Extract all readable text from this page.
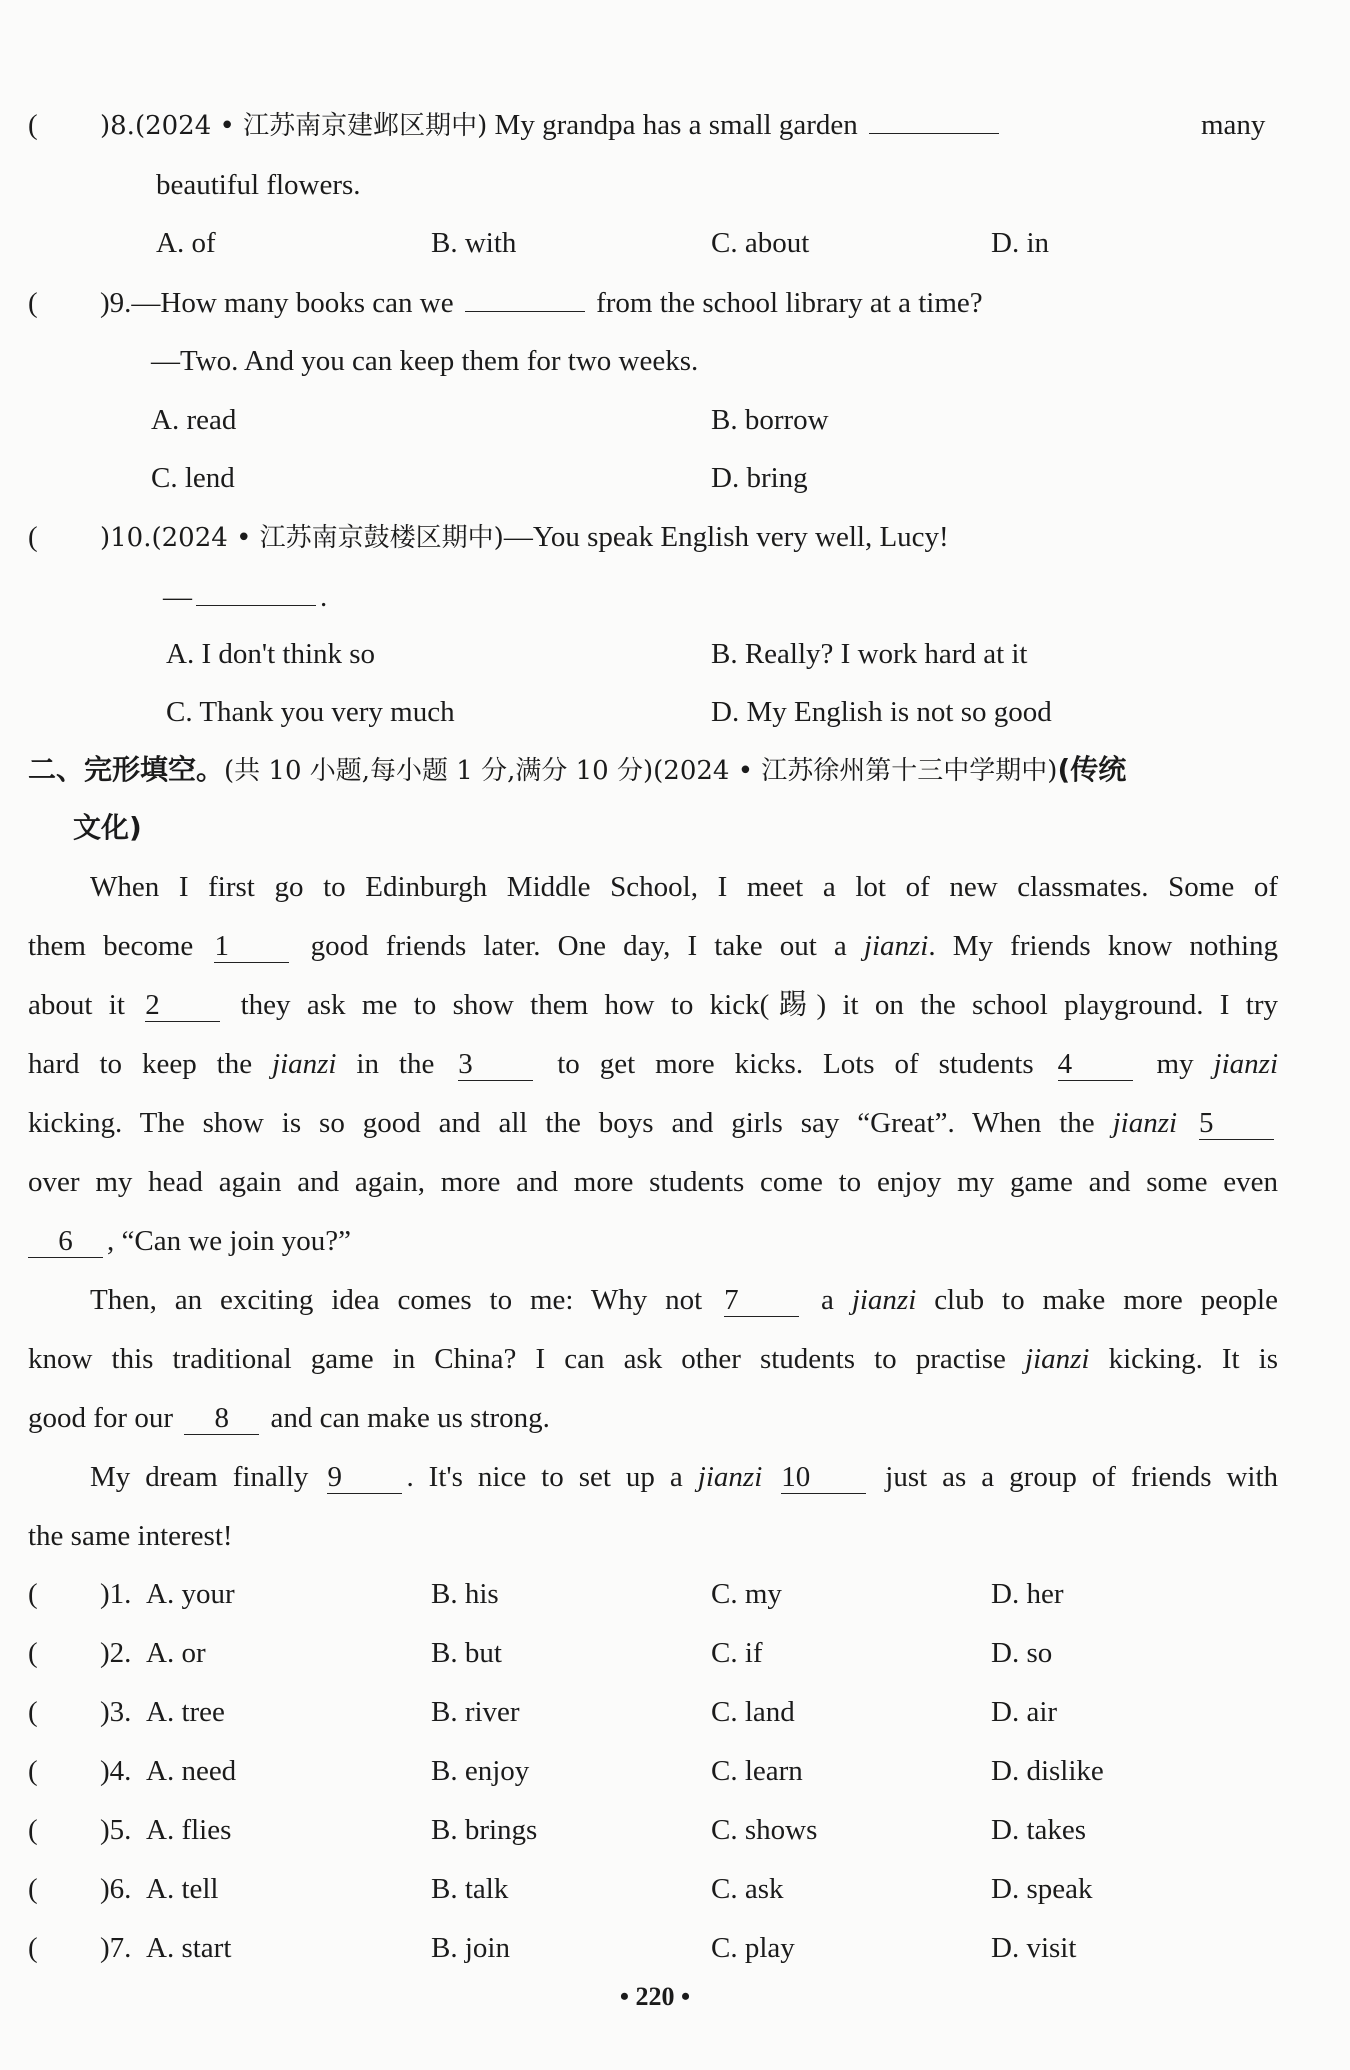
( )8.(2024 • 江苏南京建邺区期中) My grandpa has a small garden	many
beautiful flowers.
A. of	B. with	C. about	D. in
( )9.—How many books can we	from the school library at a time?
—Two. And you can keep them for two weeks.
A. read	B. borrow
C. lend	D. bring
( )10.(2024 • 江苏南京鼓楼区期中)—You speak English very well, Lucy!
—	.
A. I don't think so	B. Really? I work hard at it
C. Thank you very much	D. My English is not so good
二、完形填空。(共 10 小题,每小题 1 分,满分 10 分)(2024 • 江苏徐州第十三中学期中)(传统
文化)
When I first go to Edinburgh Middle School, I meet a lot of new classmates. Some of
them become 1	good friends later. One day, I take out a jianzi. My friends know nothing
about it 2	they ask me to show them how to kick(踢) it on the school playground. I try
hard to keep the jianzi in the 3	to get more kicks. Lots of students 4	my jianzi
kicking. The show is so good and all the boys and girls say “Great”. When the jianzi 5
over my head again and again, more and more students come to enjoy my game and some even
6 , “Can we join you?”
Then, an exciting idea comes to me: Why not 7	a jianzi club to make more people
know this traditional game in China? I can ask other students to practise jianzi kicking. It is
good for our 8 and can make us strong.
My dream finally 9 . It's nice to set up a jianzi 10	just as a group of friends with
the same interest!
( )1. A. your	B. his	C. my	D. her
( )2. A. or	B. but	C. if	D. so
( )3. A. tree	B. river	C. land	D. air
( )4. A. need	B. enjoy	C. learn	D. dislike
( )5. A. flies	B. brings	C. shows	D. takes
( )6. A. tell	B. talk	C. ask	D. speak
( )7. A. start	B. join	C. play	D. visit
• 220 •
